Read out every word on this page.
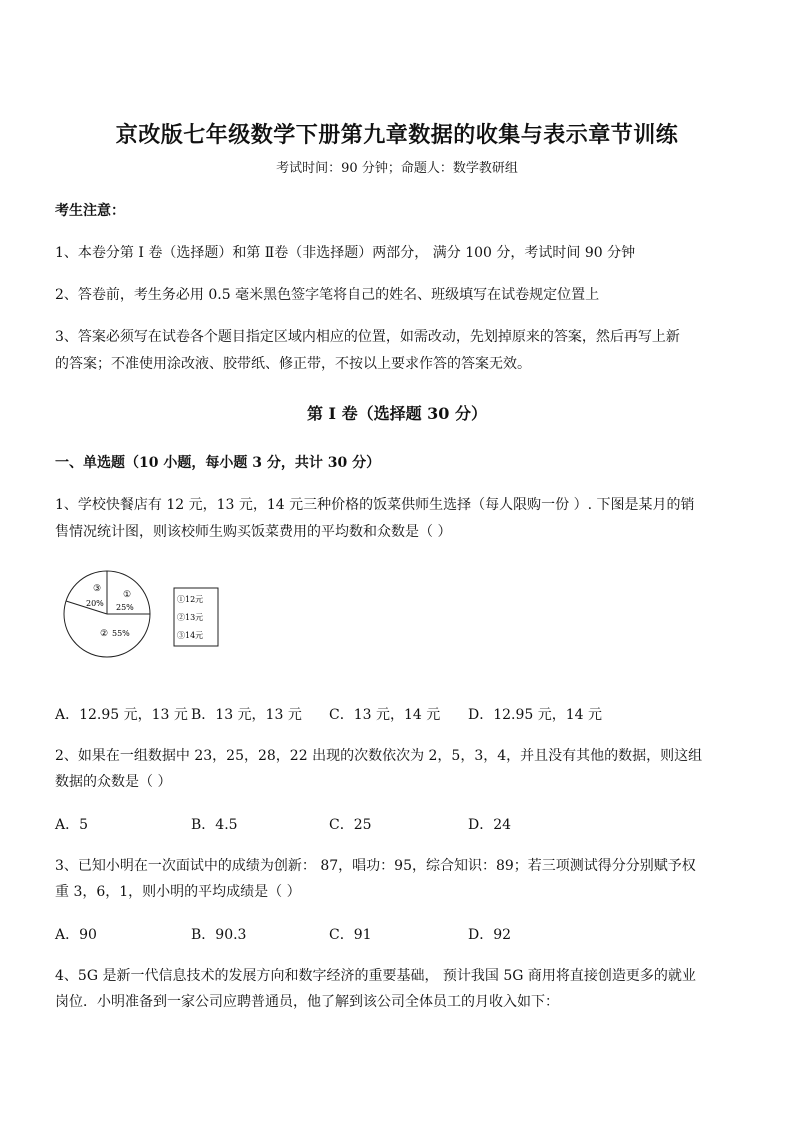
京改版七年级数学下册第九章数据的收集与表示章节训练
考试时间：90 分钟；命题人：数学教研组
考生注意：
1、本卷分第 I 卷（选择题）和第 Ⅱ卷（非选择题）两部分， 满分 100 分，考试时间 90 分钟
2、答卷前，考生务必用 0.5 毫米黑色签字笔将自己的姓名、班级填写在试卷规定位置上
3、答案必须写在试卷各个题目指定区域内相应的位置，如需改动，先划掉原来的答案，然后再写上新
的答案；不准使用涂改液、胶带纸、修正带，不按以上要求作答的答案无效。
第 I 卷（选择题 30 分）
一、单选题（10 小题，每小题 3 分，共计 30 分）
1、学校快餐店有 12 元，13 元，14 元三种价格的饭菜供师生选择（每人限购一份 ）. 下图是某月的销
售情况统计图，则该校师生购买饭菜费用的平均数和众数是（ ）
①
25%
② 55%
③
20%	①12元
②13元
③14元
A．12.95 元，13 元 B．13 元，13 元 C．13 元，14 元 D．12.95 元，14 元
2、如果在一组数据中 23，25，28，22 出现的次数依次为 2，5，3，4，并且没有其他的数据，则这组
数据的众数是（ ）
A．5	B．4.5	C．25	D．24
3、已知小明在一次面试中的成绩为创新： 87，唱功：95，综合知识：89；若三项测试得分分别赋予权
重 3，6，1，则小明的平均成绩是（ ）
A．90	B．90.3	C．91	D．92
4、5G 是新一代信息技术的发展方向和数字经济的重要基础， 预计我国 5G 商用将直接创造更多的就业
岗位．小明准备到一家公司应聘普通员，他了解到该公司全体员工的月收入如下：
